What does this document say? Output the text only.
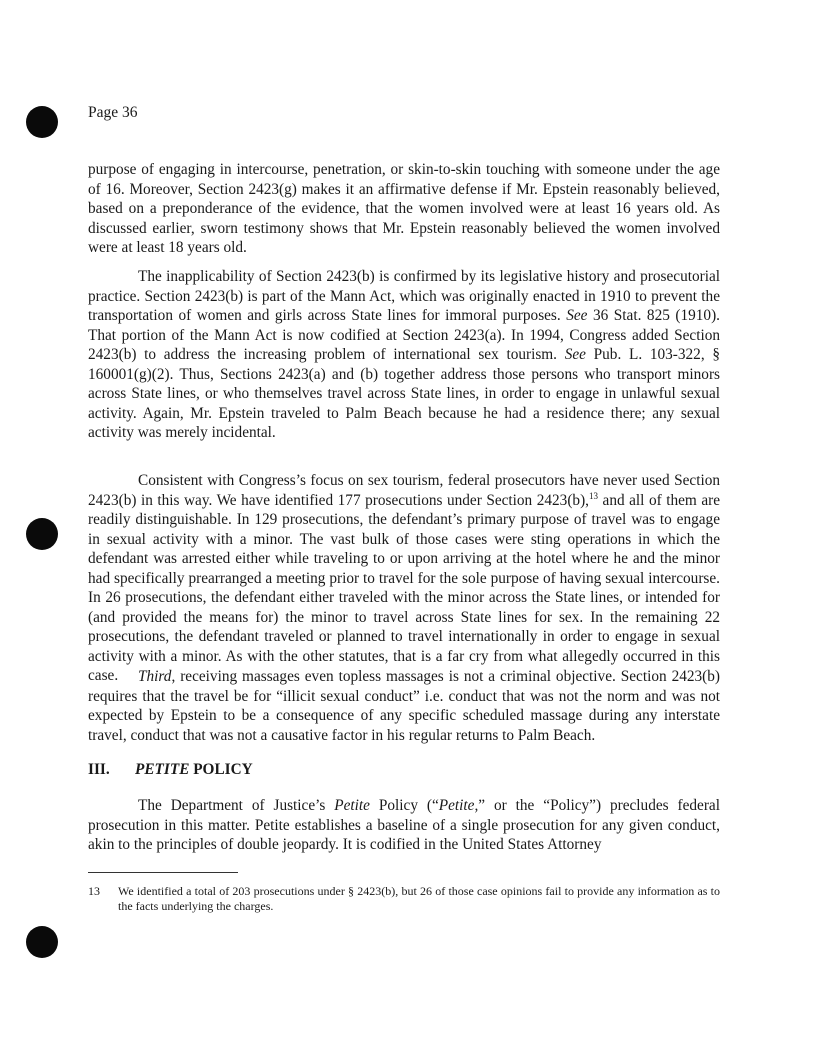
Page 36

purpose of engaging in intercourse, penetration, or skin-to-skin touching with someone under the age of 16. Moreover, Section 2423(g) makes it an affirmative defense if Mr. Epstein reasonably believed, based on a preponderance of the evidence, that the women involved were at least 16 years old. As discussed earlier, sworn testimony shows that Mr. Epstein reasonably believed the women involved were at least 18 years old.

The inapplicability of Section 2423(b) is confirmed by its legislative history and prosecutorial practice. Section 2423(b) is part of the Mann Act, which was originally enacted in 1910 to prevent the transportation of women and girls across State lines for immoral purposes. See 36 Stat. 825 (1910). That portion of the Mann Act is now codified at Section 2423(a). In 1994, Congress added Section 2423(b) to address the increasing problem of international sex tourism. See Pub. L. 103-322, § 160001(g)(2). Thus, Sections 2423(a) and (b) together address those persons who transport minors across State lines, or who themselves travel across State lines, in order to engage in unlawful sexual activity. Again, Mr. Epstein traveled to Palm Beach because he had a residence there; any sexual activity was merely incidental.

Consistent with Congress’s focus on sex tourism, federal prosecutors have never used Section 2423(b) in this way. We have identified 177 prosecutions under Section 2423(b),$^{13}$ and all of them are readily distinguishable. In 129 prosecutions, the defendant’s primary purpose of travel was to engage in sexual activity with a minor. The vast bulk of those cases were sting operations in which the defendant was arrested either while traveling to or upon arriving at the hotel where he and the minor had specifically prearranged a meeting prior to travel for the sole purpose of having sexual intercourse. In 26 prosecutions, the defendant either traveled with the minor across the State lines, or intended for (and provided the means for) the minor to travel across State lines for sex. In the remaining 22 prosecutions, the defendant traveled or planned to travel internationally in order to engage in sexual activity with a minor. As with the other statutes, that is a far cry from what allegedly occurred in this case.	Third, receiving massages even topless massages is not a criminal objective. Section 2423(b) requires that the travel be for “illicit sexual conduct” i.e. conduct that was not the norm and was not expected by Epstein to be a consequence of any specific scheduled massage during any interstate travel, conduct that was not a causative factor in his regular returns to Palm Beach.

III. PETITE POLICY

The Department of Justice’s Petite Policy (“Petite,” or the “Policy”) precludes federal prosecution in this matter. Petite establishes a baseline of a single prosecution for any given conduct, akin to the principles of double jeopardy. It is codified in the United States Attorney

13 We identified a total of 203 prosecutions under § 2423(b), but 26 of those case opinions fail to provide any information as to the facts underlying the charges.
